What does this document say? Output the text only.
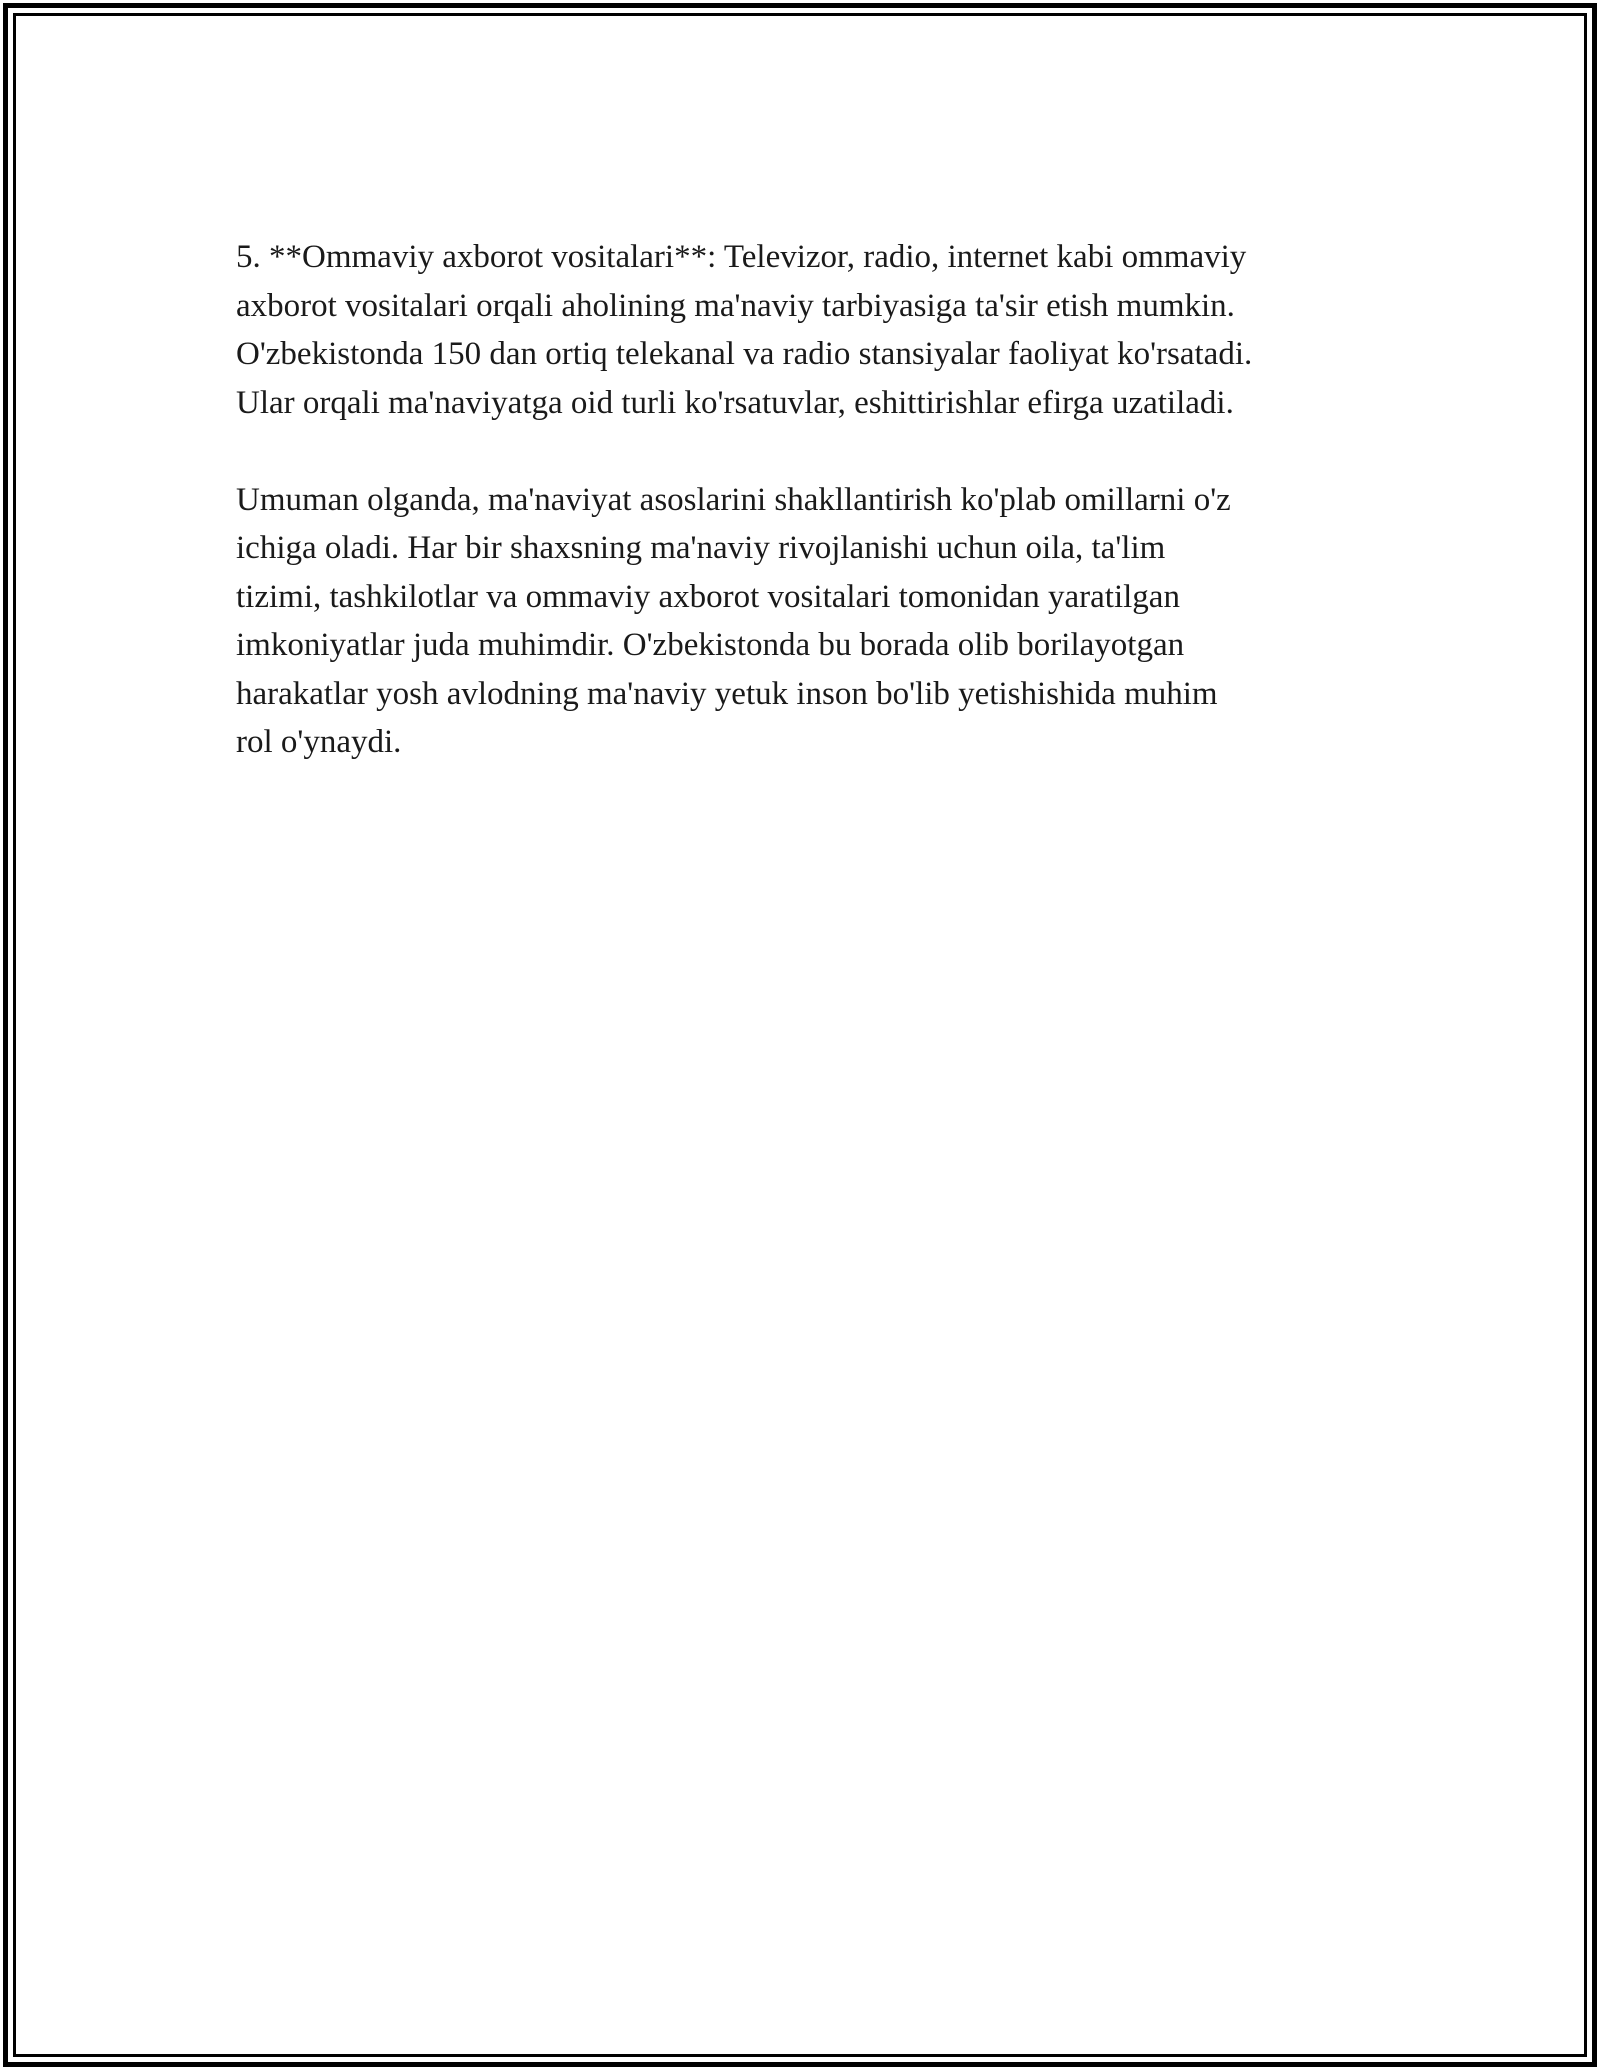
5. **Ommaviy axborot vositalari**: Televizor, radio, internet kabi ommaviy
axborot vositalari orqali aholining ma'naviy tarbiyasiga ta'sir etish mumkin.
O'zbekistonda 150 dan ortiq telekanal va radio stansiyalar faoliyat ko'rsatadi.
Ular orqali ma'naviyatga oid turli ko'rsatuvlar, eshittirishlar efirga uzatiladi.

Umuman olganda, ma'naviyat asoslarini shakllantirish ko'plab omillarni o'z
ichiga oladi. Har bir shaxsning ma'naviy rivojlanishi uchun oila, ta'lim
tizimi, tashkilotlar va ommaviy axborot vositalari tomonidan yaratilgan
imkoniyatlar juda muhimdir. O'zbekistonda bu borada olib borilayotgan
harakatlar yosh avlodning ma'naviy yetuk inson bo'lib yetishishida muhim
rol o'ynaydi.
